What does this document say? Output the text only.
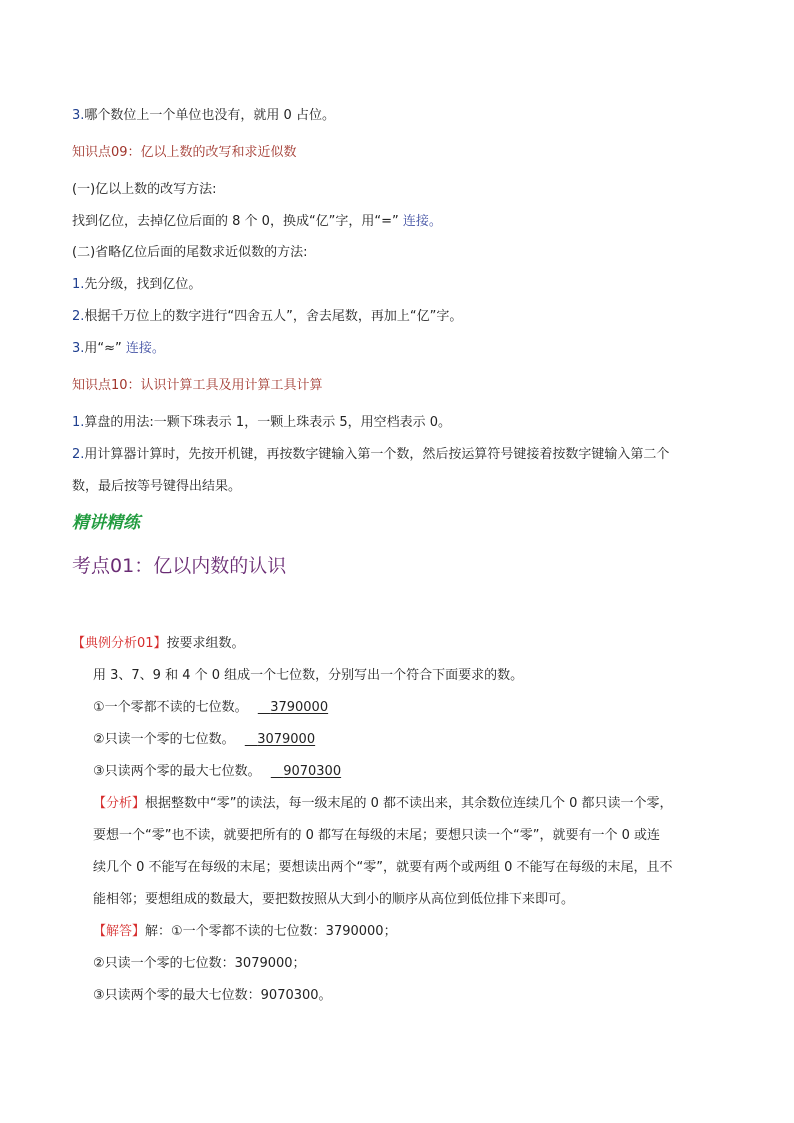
3.哪个数位上一个单位也没有，就用 0 占位。
知识点09：亿以上数的改写和求近似数
(一)亿以上数的改写方法:
找到亿位，去掉亿位后面的 8 个 0，换成“亿”字，用“=” 连接。
(二)省略亿位后面的尾数求近似数的方法:
1.先分级，找到亿位。
2.根据千万位上的数字进行“四舍五人”，舍去尾数，再加上“亿”字。
3.用“≈” 连接。
知识点10：认识计算工具及用计算工具计算
1.算盘的用法:一颗下珠表示 1，一颗上珠表示 5，用空档表示 0。
2.用计算器计算时，先按开机键，再按数字键输入第一个数，然后按运算符号键接着按数字键输入第二个
数，最后按等号键得出结果。
精讲精练
考点01：亿以内数的认识
【典例分析01】按要求组数。
用 3、7、9 和 4 个 0 组成一个七位数，分别写出一个符合下面要求的数。
①一个零都不读的七位数。 3790000
②只读一个零的七位数。 3079000
③只读两个零的最大七位数。 9070300
【分析】根据整数中“零”的读法，每一级末尾的 0 都不读出来，其余数位连续几个 0 都只读一个零，
要想一个“零”也不读，就要把所有的 0 都写在每级的末尾；要想只读一个“零”，就要有一个 0 或连
续几个 0 不能写在每级的末尾；要想读出两个“零”，就要有两个或两组 0 不能写在每级的末尾，且不
能相邻；要想组成的数最大，要把数按照从大到小的顺序从高位到低位排下来即可。
【解答】解：①一个零都不读的七位数：3790000；
②只读一个零的七位数：3079000；
③只读两个零的最大七位数：9070300。
